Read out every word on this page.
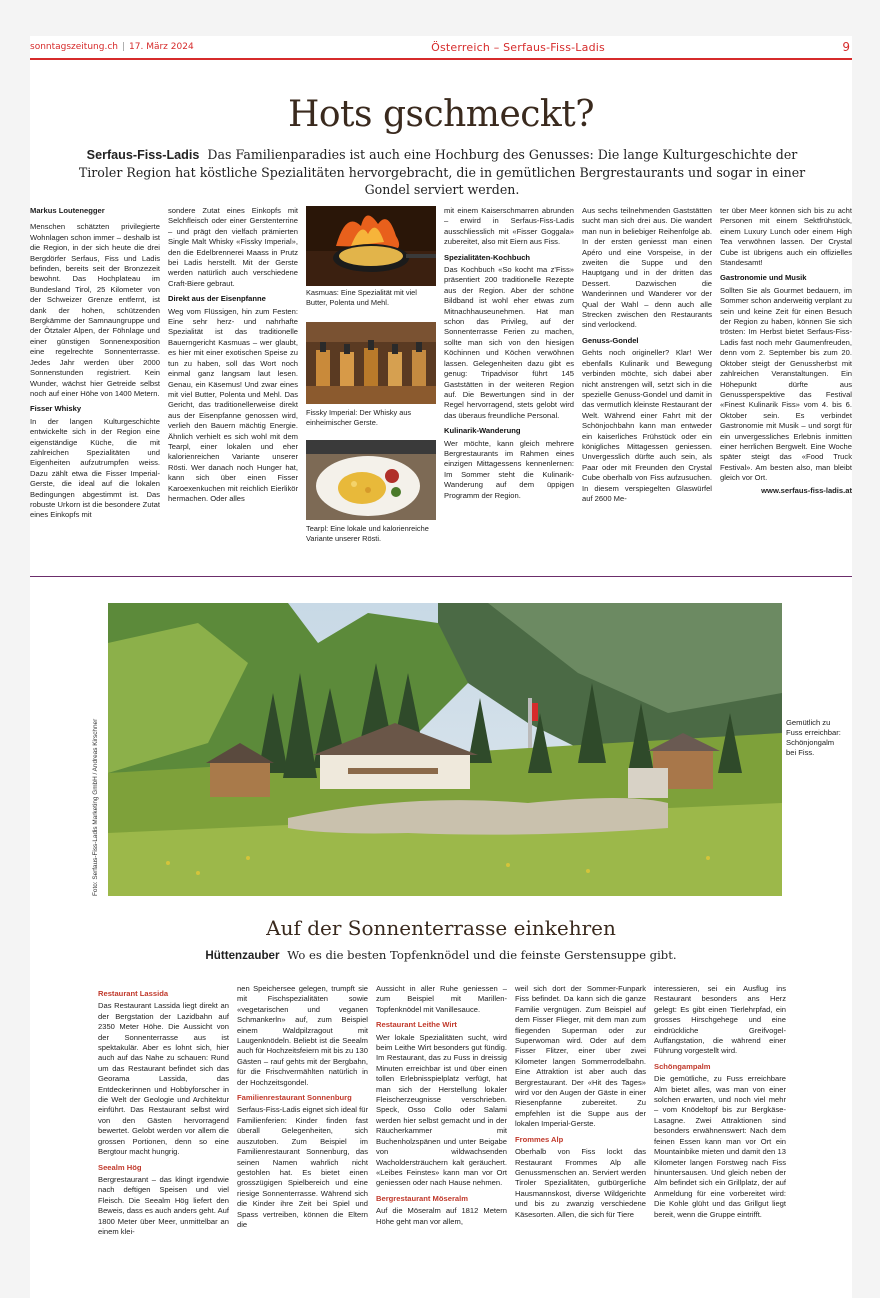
sonntagszeitung.ch | 17. März 2024	Österreich – Serfaus-Fiss-Ladis	9
Hots gschmeckt?
Serfaus-Fiss-Ladis Das Familienparadies ist auch eine Hochburg des Genusses: Die lange Kulturgeschichte der Tiroler Region hat köstliche Spezialitäten hervorgebracht, die in gemütlichen Bergrestaurants und sogar in einer Gondel serviert werden.
Markus Loutenegger

Menschen schätzten privilegierte Wohnlagen schon immer – deshalb ist die Region, in der sich heute die drei Bergdörfer Serfaus, Fiss und Ladis befinden, bereits seit der Bronzezeit bewohnt. Das Hochplateau im Bundesland Tirol, 25 Kilometer von der Schweizer Grenze entfernt, ist dank der hohen, schützenden Bergkämme der Samnaungruppe und der Ötztaler Alpen, der Föhnlage und einer günstigen Sonnenexposition eine regelrechte Sonnenterrasse. Jedes Jahr werden über 2000 Sonnenstunden registriert. Kein Wunder, wächst hier Getreide selbst noch auf einer Höhe von 1400 Metern.

Fisser Whisky

In der langen Kulturgeschichte entwickelte sich in der Region eine eigenständige Küche, die mit zahlreichen Spezialitäten und Eigenheiten aufzutrumpfen weiss. Dazu zählt etwa die Fisser Imperial-Gerste, die ideal auf die lokalen Bedingungen abgestimmt ist. Das robuste Urkorn ist die besondere Zutat eines Einkopfs mit

sondere Zutat eines Einkopfs mit Selchfleisch oder einer Gerstenterrine – und prägt den vielfach prämierten Single Malt Whisky «Fissky Imperial», den die Edelbrennerei Maass in Prutz bei Ladis herstellt. Mit der Gerste werden natürlich auch verschiedene Craft-Biere gebraut.

Direkt aus der Eisenpfanne

Weg vom Flüssigen, hin zum Festen: Eine sehr herz- und nahrhafte Spezialität ist das traditionelle Bauerngericht Kasmuas – wer glaubt, es hier mit einer exotischen Speise zu tun zu haben, soll das Wort noch einmal ganz langsam laut lesen. Genau, ein Käsemus! Und zwar eines mit viel Butter, Polenta und Mehl. Das Gericht, das traditionellerweise direkt aus der Eisenpfanne genossen wird, verlieh den Bauern mächtig Energie. Ähnlich verhielt es sich wohl mit dem Tearpl, einer lokalen und eher kalorienreichen Variante unserer Rösti. Wer danach noch Hunger hat, kann sich über einen Fisser Karoexenkuchen mit reichlich Eierlikör hermachen. Oder alles

Kasmuas: Eine Spezialität mit viel Butter, Polenta und Mehl.
Fissky Imperial: Der Whisky aus einheimischer Gerste.
Tearpl: Eine lokale und kalorienreiche Variante unserer Rösti.

mit einem Kaiserschmarren abrunden – erwird in Serfaus-Fiss-Ladis ausschliesslich mit «Fisser Goggala» zubereitet, also mit Eiern aus Fiss.

Spezialitäten-Kochbuch

Das Kochbuch «So kocht ma z'Fiss» präsentiert 200 traditionelle Rezepte aus der Region. Aber der schöne Bildband ist wohl eher etwas zum Mitnachhauseunehmen. Hat man schon das Privileg, auf der Sonnenterrasse Ferien zu machen, sollte man sich von den hiesigen Köchinnen und Köchen verwöhnen lassen. Gelegenheiten dazu gibt es genug: Tripadvisor führt 145 Gaststätten in der weiteren Region auf. Die Bewertungen sind in der Regel hervorragend, stets gelobt wird das überaus freundliche Personal.

Kulinarik-Wanderung

Wer möchte, kann gleich mehrere Bergrestaurants im Rahmen eines einzigen Mittagessens kennenlernen: Im Sommer steht die Kulinarik-Wanderung auf dem üppigen Programm der Region.

Aus sechs teilnehmenden Gaststätten sucht man sich drei aus. Die wandert man nun in beliebiger Reihenfolge ab. In der ersten geniesst man einen Apéro und eine Vorspeise, in der zweiten die Suppe und den Hauptgang und in der dritten das Dessert. Dazwischen die Wanderinnen und Wanderer vor der Qual der Wahl – denn auch alle Strecken zwischen den Restaurants sind verlockend.

Genuss-Gondel

Gehts noch origineller? Klar! Wer ebenfalls Kulinarik und Bewegung verbinden möchte, sich dabei aber nicht anstrengen will, setzt sich in die spezielle Genuss-Gondel und damit in das vermutlich kleinste Restaurant der Welt. Während einer Fahrt mit der Schönjochbahn kann man entweder ein kaiserliches Frühstück oder ein königliches Mittagessen geniessen. Unvergesslich dürfte auch sein, als Paar oder mit Freunden den Crystal Cube oberhalb von Fiss aufzusuchen. In diesem verspiegelten Glaswürfel auf 2600 Me-

ter über Meer können sich bis zu acht Personen mit einem Sektfrühstück, einem Luxury Lunch oder einem High Tea verwöhnen lassen. Der Crystal Cube ist übrigens auch ein offizielles Standesamt!

Gastronomie und Musik

Sollten Sie als Gourmet bedauern, im Sommer schon anderweitig verplant zu sein und keine Zeit für einen Besuch der Region zu haben, können Sie sich trösten: Im Herbst bietet Serfaus-Fiss-Ladis fast noch mehr Gaumenfreuden, denn vom 2. September bis zum 20. Oktober steigt der Genussherbst mit zahlreichen Veranstaltungen. Ein Höhepunkt dürfte aus Genussperspektive das Festival «Finest Kulinarik Fiss» vom 4. bis 6. Oktober sein. Es verbindet Gastronomie mit Musik – und sorgt für ein unvergessliches Erlebnis inmitten einer herrlichen Bergwelt. Eine Woche später steigt das «Food Truck Festival». Am besten also, man bleibt gleich vor Ort.

www.serfaus-fiss-ladis.at
Foto: Serfaus-Fiss-Ladis Marketing GmbH / Andreas Kirschner	Gemütlich zu Fuss erreichbar: Schönjongalm bei Fiss.
Auf der Sonnenterrasse einkehren
Hüttenzauber Wo es die besten Topfenknödel und die feinste Gerstensuppe gibt.
Restaurant Lassida

Das Restaurant Lassida liegt direkt an der Bergstation der Lazidbahn auf 2350 Meter Höhe. Die Aussicht von der Sonnenterrasse aus ist spektakulär. Aber es lohnt sich, hier auch auf das Nahe zu schauen: Rund um das Restaurant befindet sich das Georama Lassida, das Entdeckerinnen und Hobbyforscher in die Welt der Geologie und Architektur einführt. Das Restaurant selbst wird von den Gästen hervorragend bewertet. Gelobt werden vor allem die grossen Portionen, denn so eine Bergtour macht hungrig.

Seealm Hög

Bergrestaurant – das klingt irgendwie nach deftigen Speisen und viel Fleisch. Die Seealm Hög liefert den Beweis, dass es auch anders geht. Auf 1800 Meter über Meer, unmittelbar an einem klei-

nen Speichersee gelegen, trumpft sie mit Fischspezialitäten sowie «vegetarischen und veganen Schmankerln» auf, zum Beispiel einem Waldpilzragout mit Laugenknödeln. Beliebt ist die Seealm auch für Hochzeitsfeiern mit bis zu 130 Gästen – rauf gehts mit der Bergbahn, für die Frischvermählten natürlich in der Hochzeitsgondel.

Familienrestaurant Sonnenburg

Serfaus-Fiss-Ladis eignet sich ideal für Familienferien: Kinder finden fast überall Gelegenheiten, sich auszutoben. Zum Beispiel im Familienrestaurant Sonnenburg, das seinen Namen wahrlich nicht gestohlen hat. Es bietet einen grosszügigen Spielbereich und eine riesige Sonnenterrasse. Während sich die Kinder ihre Zeit bei Spiel und Spass vertreiben, können die Eltern die

Aussicht in aller Ruhe geniessen – zum Beispiel mit Marillen-Topfenknödel mit Vanillesauce.

Restaurant Leithe Wirt

Wer lokale Spezialitäten sucht, wird beim Leithe Wirt besonders gut fündig. Im Restaurant, das zu Fuss in dreissig Minuten erreichbar ist und über einen tollen Erlebnisspielplatz verfügt, hat man sich der Herstellung lokaler Fleischerzeugnisse verschrieben. Speck, Osso Collo oder Salami werden hier selbst gemacht und in der Räucherkammer mit Buchenholzspänen und unter Beigabe von wildwachsenden Wacholdersträuchern kalt geräuchert. «Leibes Feinstes» kann man vor Ort geniessen oder nach Hause nehmen.

Bergrestaurant Möseralm

Auf die Möseralm auf 1812 Metern Höhe geht man vor allem,

weil sich dort der Sommer-Funpark Fiss befindet. Da kann sich die ganze Familie vergnügen. Zum Beispiel auf dem Fisser Flieger, mit dem man zum fliegenden Superman oder zur Superwoman wird. Oder auf dem Fisser Flitzer, einer über zwei Kilometer langen Sommerrodelbahn. Eine Attraktion ist aber auch das Bergrestaurant. Der «Hit des Tages» wird vor den Augen der Gäste in einer Riesenpfanne zubereitet. Zu empfehlen ist die Suppe aus der lokalen Imperial-Gerste.

Frommes Alp

Oberhalb von Fiss lockt das Restaurant Frommes Alp alle Genussmenschen an. Serviert werden Tiroler Spezialitäten, gutbürgerliche Hausmannskost, diverse Wildgerichte und bis zu zwanzig verschiedene Käsesorten. Allen, die sich für Tiere

interessieren, sei ein Ausflug ins Restaurant besonders ans Herz gelegt: Es gibt einen Tierlehrpfad, ein grosses Hirschgehege und eine eindrückliche Greifvogel-Auffangstation, die während einer Führung vorgestellt wird.

Schöngampalm

Die gemütliche, zu Fuss erreichbare Alm bietet alles, was man von einer solchen erwarten, und noch viel mehr – vom Knödeltopf bis zur Bergkäse-Lasagne. Zwei Attraktionen sind besonders erwähnenswert: Nach dem feinen Essen kann man vor Ort ein Mountainbike mieten und damit den 13 Kilometer langen Forstweg nach Fiss hinuntersausen. Und gleich neben der Alm befindet sich ein Grillplatz, der auf Anmeldung für eine vorbereitet wird: Die Kohle glüht und das Grillgut liegt bereit, wenn die Gruppe eintrifft.
